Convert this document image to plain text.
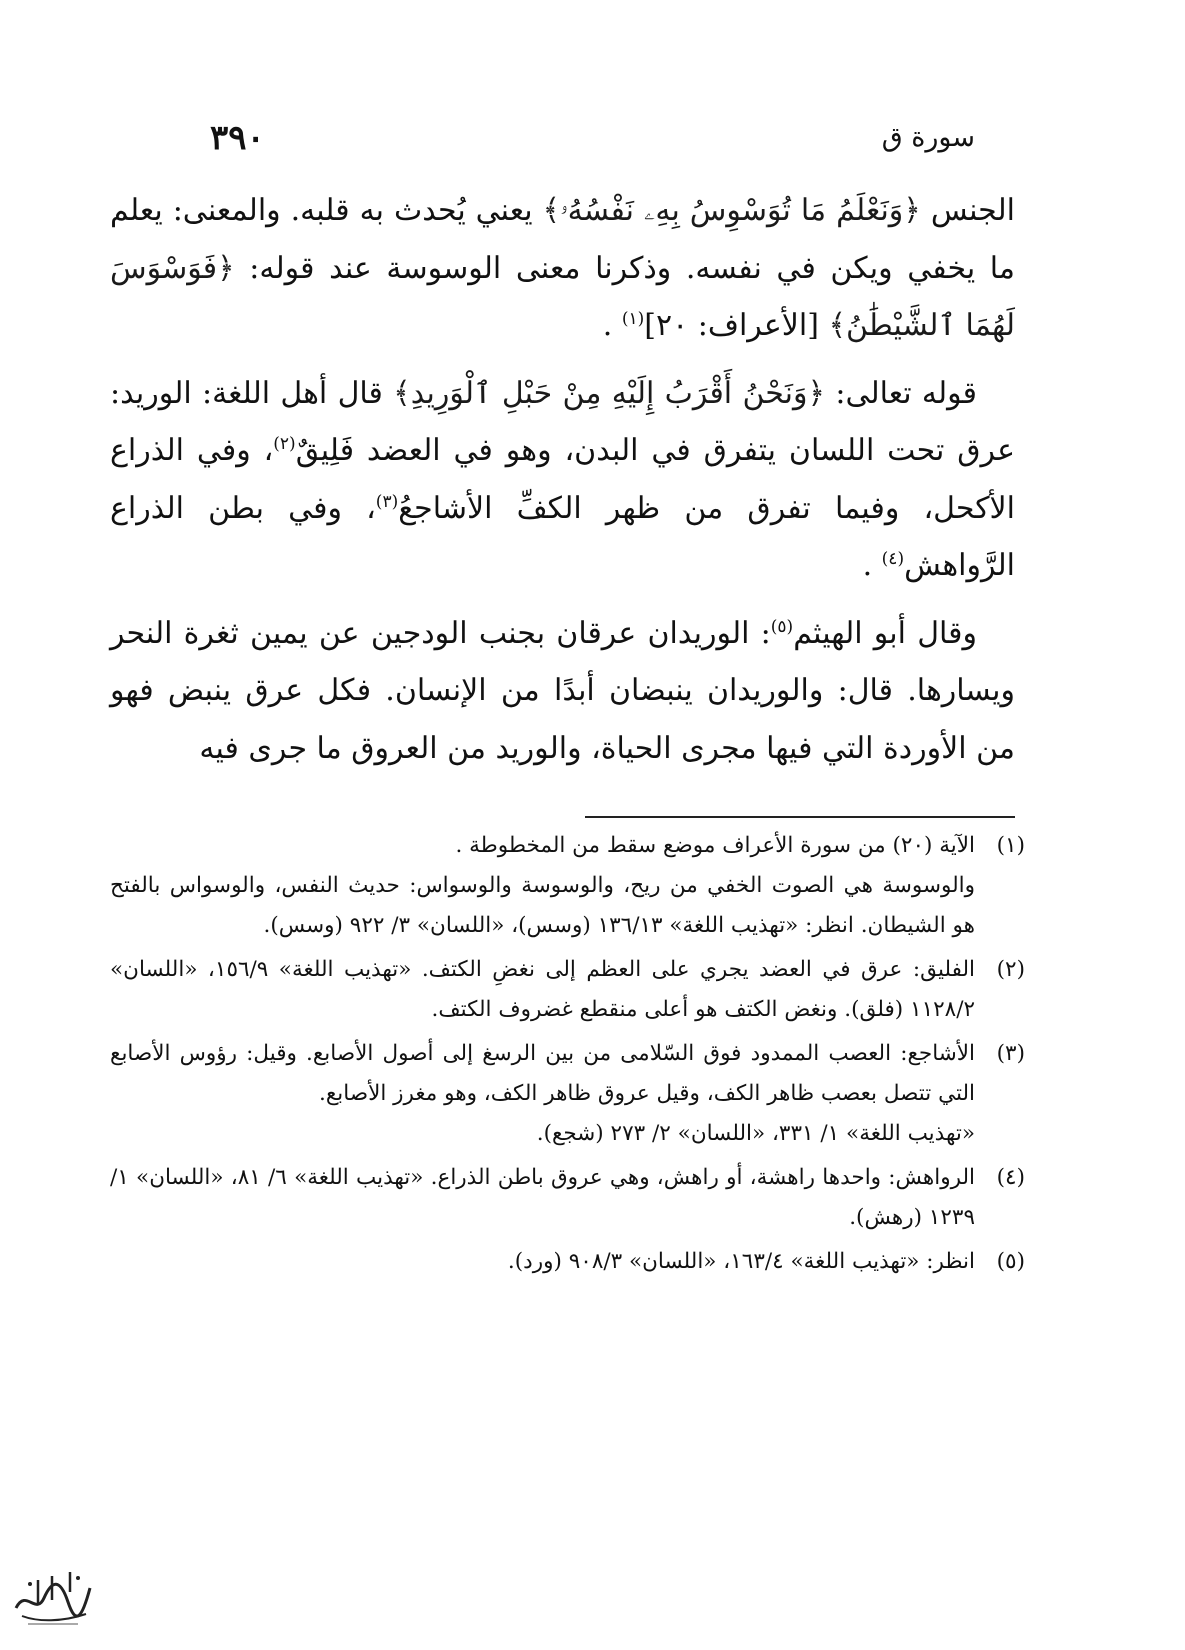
سورة ق
٣٩٠

الجنس ﴿وَنَعْلَمُ مَا تُوَسْوِسُ بِهِۦ نَفْسُهُۥ﴾ يعني يُحدث به قلبه. والمعنى: يعلم ما يخفي ويكن في نفسه. وذكرنا معنى الوسوسة عند قوله: ﴿فَوَسْوَسَ لَهُمَا ٱلشَّيْطَٰنُ﴾ [الأعراف: ٢٠]$^{(١)}$ .

قوله تعالى: ﴿وَنَحْنُ أَقْرَبُ إِلَيْهِ مِنْ حَبْلِ ٱلْوَرِيدِ﴾ قال أهل اللغة: الوريد: عرق تحت اللسان يتفرق في البدن، وهو في العضد فَلِيقٌ$^{(٢)}$، وفي الذراع الأكحل، وفيما تفرق من ظهر الكفِّ الأشاجعُ$^{(٣)}$، وفي بطن الذراع الرَّواهش$^{(٤)}$ .

وقال أبو الهيثم$^{(٥)}$: الوريدان عرقان بجنب الودجين عن يمين ثغرة النحر ويسارها. قال: والوريدان ينبضان أبدًا من الإنسان. فكل عرق ينبض فهو من الأوردة التي فيها مجرى الحياة، والوريد من العروق ما جرى فيه

(١)
الآية (٢٠) من سورة الأعراف موضع سقط من المخطوطة .
والوسوسة هي الصوت الخفي من ريح، والوسوسة والوسواس: حديث النفس، والوسواس بالفتح هو الشيطان. انظر: «تهذيب اللغة» ١٣٦/١٣ (وسس)، «اللسان» ٣/ ٩٢٢ (وسس).
(٢)
الفليق: عرق في العضد يجري على العظم إلى نغضِ الكتف. «تهذيب اللغة» ١٥٦/٩، «اللسان» ١١٢٨/٢ (فلق). ونغض الكتف هو أعلى منقطع غضروف الكتف.
(٣)
الأشاجع: العصب الممدود فوق السّلامى من بين الرسغ إلى أصول الأصابع. وقيل: رؤوس الأصابع التي تتصل بعصب ظاهر الكف، وقيل عروق ظاهر الكف، وهو مغرز الأصابع.
«تهذيب اللغة» ١/ ٣٣١، «اللسان» ٢/ ٢٧٣ (شجع).
(٤)
الرواهش: واحدها راهشة، أو راهش، وهي عروق باطن الذراع. «تهذيب اللغة» ٦/ ٨١، «اللسان» ١/ ١٢٣٩ (رهش).
(٥)
انظر: «تهذيب اللغة» ١٦٣/٤، «اللسان» ٩٠٨/٣ (ورد).
